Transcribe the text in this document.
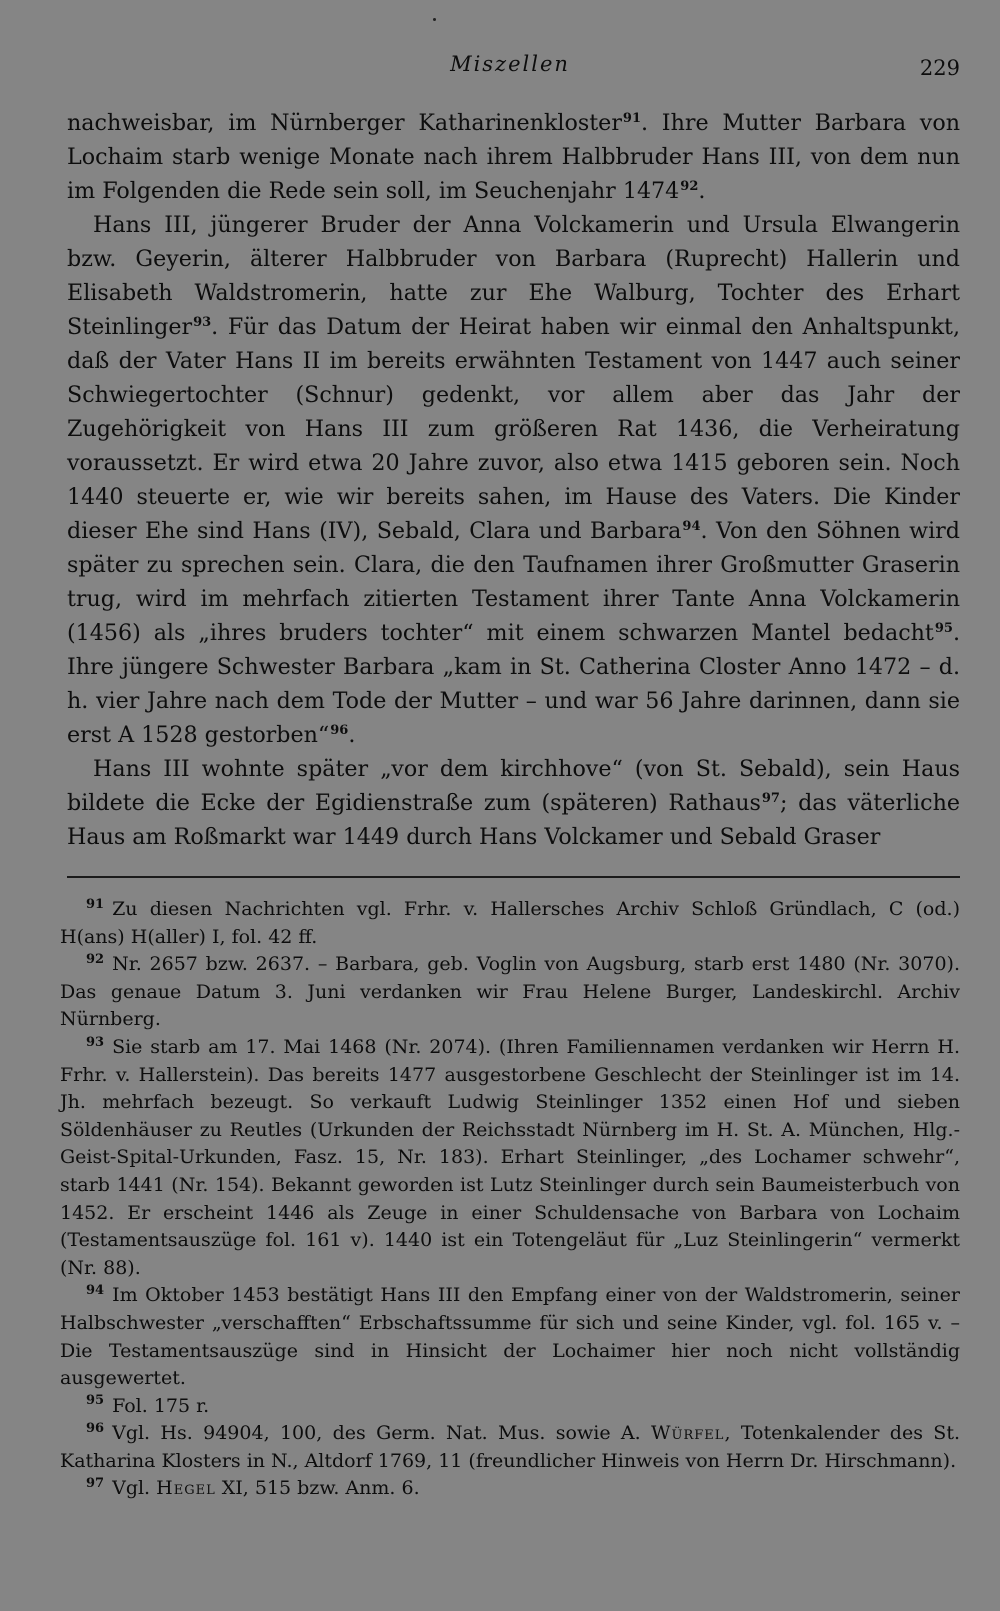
Miszellen	229

nachweisbar, im Nürnberger Katharinenkloster$^{91}$. Ihre Mutter Barbara von Lochaim starb wenige Monate nach ihrem Halbbruder Hans III, von dem nun im Folgenden die Rede sein soll, im Seuchenjahr 1474$^{92}$.

Hans III, jüngerer Bruder der Anna Volckamerin und Ursula Elwangerin bzw. Geyerin, älterer Halbbruder von Barbara (Ruprecht) Hallerin und Elisabeth Waldstromerin, hatte zur Ehe Walburg, Tochter des Erhart Steinlinger$^{93}$. Für das Datum der Heirat haben wir einmal den Anhaltspunkt, daß der Vater Hans II im bereits erwähnten Testament von 1447 auch seiner Schwiegertochter (Schnur) gedenkt, vor allem aber das Jahr der Zugehörigkeit von Hans III zum größeren Rat 1436, die Verheiratung voraussetzt. Er wird etwa 20 Jahre zuvor, also etwa 1415 geboren sein. Noch 1440 steuerte er, wie wir bereits sahen, im Hause des Vaters. Die Kinder dieser Ehe sind Hans (IV), Sebald, Clara und Barbara$^{94}$. Von den Söhnen wird später zu sprechen sein. Clara, die den Taufnamen ihrer Großmutter Graserin trug, wird im mehrfach zitierten Testament ihrer Tante Anna Volckamerin (1456) als „ihres bruders tochter“ mit einem schwarzen Mantel bedacht$^{95}$. Ihre jüngere Schwester Barbara „kam in St. Catherina Closter Anno 1472 – d. h. vier Jahre nach dem Tode der Mutter – und war 56 Jahre darinnen, dann sie erst A 1528 gestorben“$^{96}$.

Hans III wohnte später „vor dem kirchhove“ (von St. Sebald), sein Haus bildete die Ecke der Egidienstraße zum (späteren) Rathaus$^{97}$; das väterliche Haus am Roßmarkt war 1449 durch Hans Volckamer und Sebald Graser

$^{91}$ Zu diesen Nachrichten vgl. Frhr. v. Hallersches Archiv Schloß Gründlach, C (od.) H(ans) H(aller) I, fol. 42 ff.

$^{92}$ Nr. 2657 bzw. 2637. – Barbara, geb. Voglin von Augsburg, starb erst 1480 (Nr. 3070). Das genaue Datum 3. Juni verdanken wir Frau Helene Burger, Landeskirchl. Archiv Nürnberg.

$^{93}$ Sie starb am 17. Mai 1468 (Nr. 2074). (Ihren Familiennamen verdanken wir Herrn H. Frhr. v. Hallerstein). Das bereits 1477 ausgestorbene Geschlecht der Steinlinger ist im 14. Jh. mehrfach bezeugt. So verkauft Ludwig Steinlinger 1352 einen Hof und sieben Söldenhäuser zu Reutles (Urkunden der Reichsstadt Nürnberg im H. St. A. München, Hlg.-Geist-Spital-Urkunden, Fasz. 15, Nr. 183). Erhart Steinlinger, „des Lochamer schwehr“, starb 1441 (Nr. 154). Bekannt geworden ist Lutz Steinlinger durch sein Baumeisterbuch von 1452. Er erscheint 1446 als Zeuge in einer Schuldensache von Barbara von Lochaim (Testamentsauszüge fol. 161 v). 1440 ist ein Totengeläut für „Luz Steinlingerin“ vermerkt (Nr. 88).

$^{94}$ Im Oktober 1453 bestätigt Hans III den Empfang einer von der Waldstromerin, seiner Halbschwester „verschafften“ Erbschaftssumme für sich und seine Kinder, vgl. fol. 165 v. – Die Testamentsauszüge sind in Hinsicht der Lochaimer hier noch nicht vollständig ausgewertet.

$^{95}$ Fol. 175 r.

$^{96}$ Vgl. Hs. 94904, 100, des Germ. Nat. Mus. sowie A. Würfel, Totenkalender des St. Katharina Klosters in N., Altdorf 1769, 11 (freundlicher Hinweis von Herrn Dr. Hirschmann).

$^{97}$ Vgl. Hegel XI, 515 bzw. Anm. 6.
